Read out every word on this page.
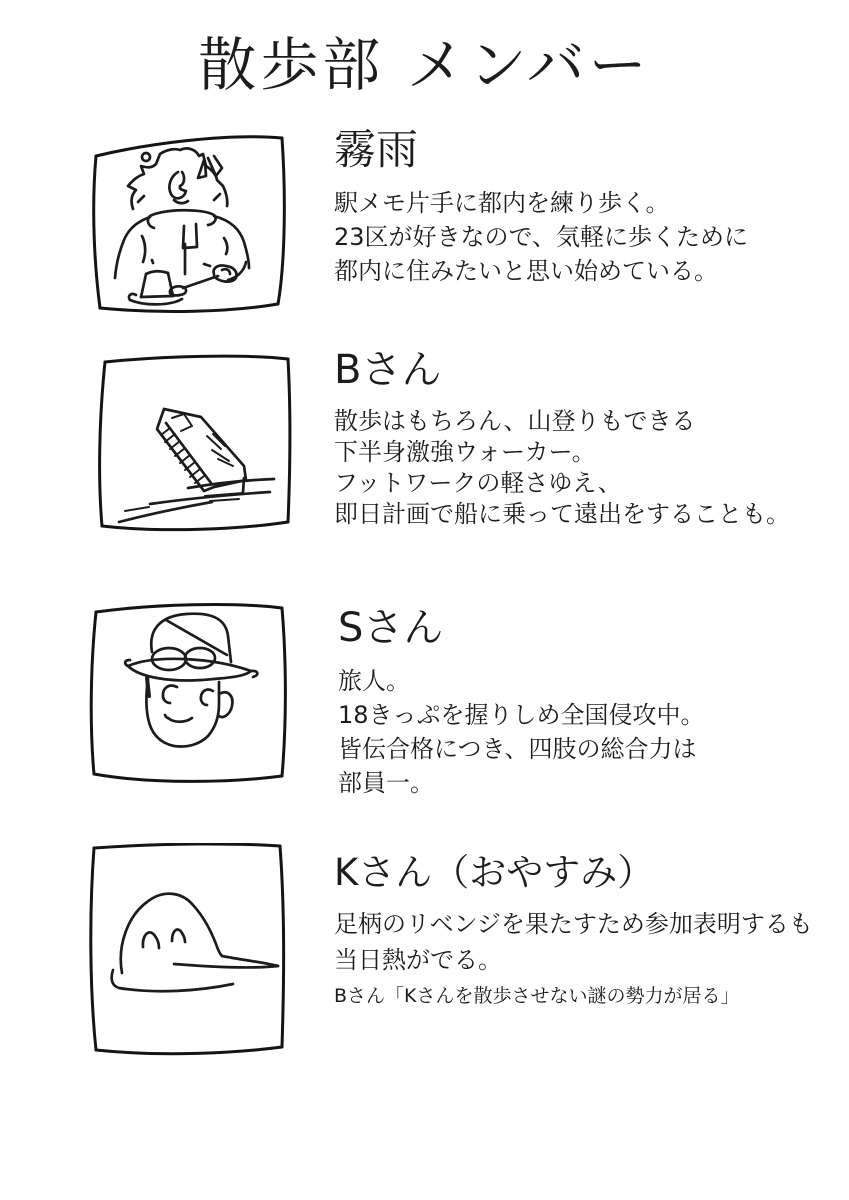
散歩部 メンバー
霧雨

駅メモ片手に都内を練り歩く。

23区が好きなので、気軽に歩くために

都内に住みたいと思い始めている。

Bさん

散歩はもちろん、山登りもできる

下半身激強ウォーカー。

フットワークの軽さゆえ、

即日計画で船に乗って遠出をすることも。

Sさん

旅人。

18きっぷを握りしめ全国侵攻中。

皆伝合格につき、四肢の総合力は

部員一。

Kさん（おやすみ）

足柄のリベンジを果たすため参加表明するも

当日熱がでる。

Bさん「Kさんを散歩させない謎の勢力が居る」
